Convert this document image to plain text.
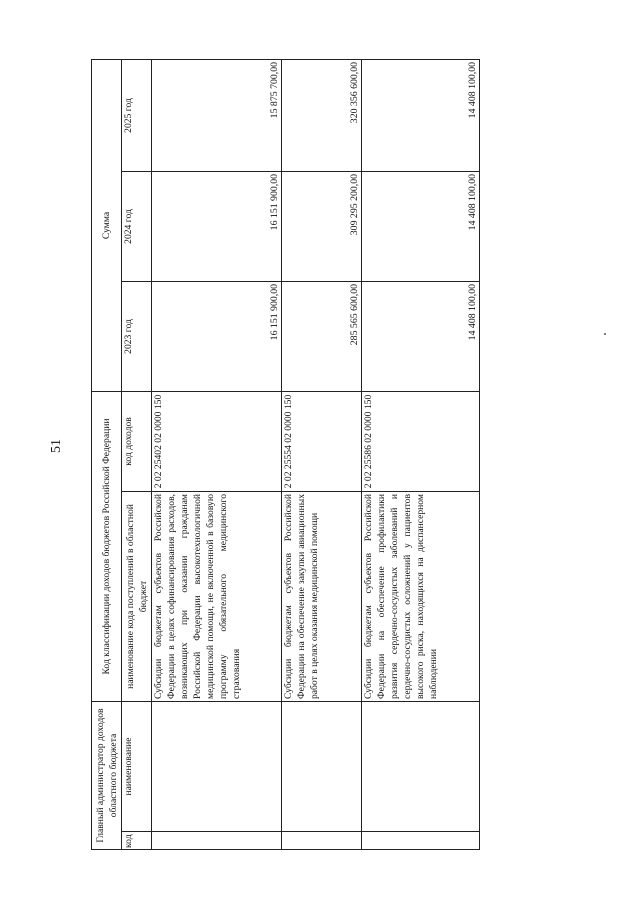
51
Главный администратор доходов областного бюджета		Код классификации доходов бюджетов Российской Федерации		Сумма		
код	наименование	наименование кода поступлений в областной бюджет	код доходов	2023 год	2024 год	2025 год
		Субсидии бюджетам субъектов Российской Федерации в целях софинансирования расходов, возникающих при оказании гражданам Российской Федерации высокотехнологичной медицинской помощи, не включенной в базовую программу обязательного медицинского страхования	2 02 25402 02 0000 150	16 151 900,00	16 151 900,00	15 875 700,00
		Субсидии бюджетам субъектов Российской Федерации на обеспечение закупки авиационных работ в целях оказания медицинской помощи	2 02 25554 02 0000 150	285 565 600,00	309 295 200,00	320 356 600,00
		Субсидии бюджетам субъектов Российской Федерации на обеспечение профилактики развития сердечно-сосудистых заболеваний и сердечно-сосудистых осложнений у пациентов высокого риска, находящихся на диспансерном наблюдении	2 02 25586 02 0000 150	14 408 100,00	14 408 100,00	14 408 100,00
